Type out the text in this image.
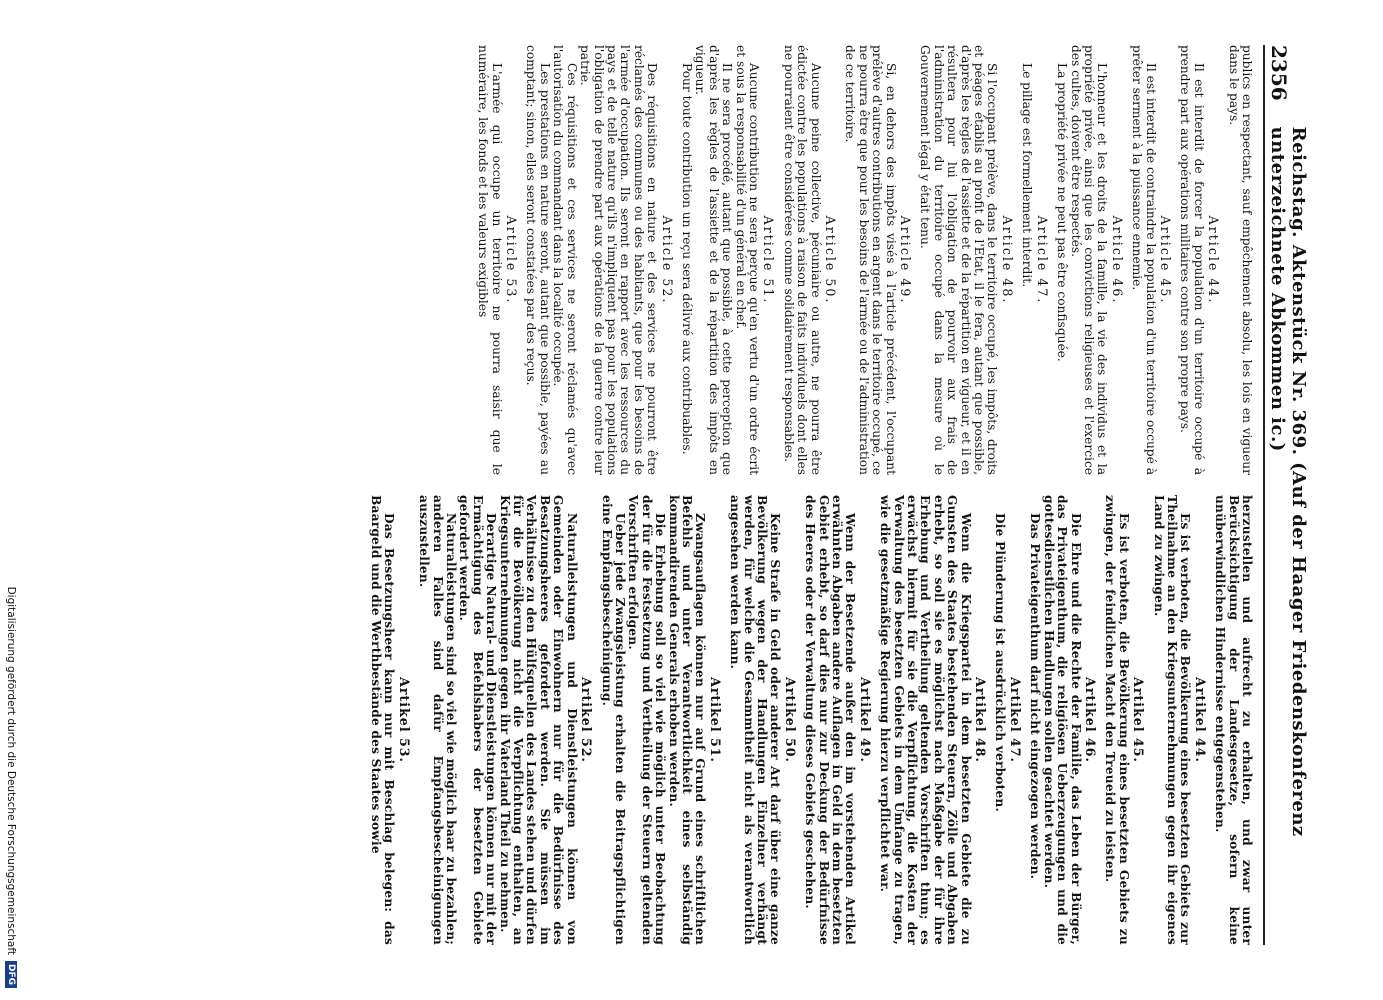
2356
Reichstag. Aktenstück Nr. 369. (Auf der Haager Friedenskonferenz unterzeichnete Abkommen ic.)

publics en respectant, sauf empêchement absolu, les lois en vigueur dans le pays.

Article 44.

Il est interdit de forcer la population d'un territoire occupé à prendre part aux opérations militaires contre son propre pays.

Article 45.

Il est interdit de contraindre la population d'un territoire occupé à prêter serment à la puissance ennemie.

Article 46.

L'honneur et les droits de la famille, la vie des individus et la propriété privée, ainsi que les convictions religieuses et l'exercice des cultes, doivent être respectés.

La propriété privée ne peut pas être confisquée.

Article 47.

Le pillage est formellement interdit.

Article 48.

Si l'occupant prélève, dans le territoire occupé, les impôts, droits et péages établis au profit de l'Etat, il le fera, autant que possible, d'après les règles de l'assiette et de la répartition en vigueur, et il en résultera pour lui l'obligation de pourvoir aux frais de l'administration du territoire occupé dans la mesure où le Gouvernement légal y était tenu.

Article 49.

Si, en dehors des impôts visés à l'article précédent, l'occupant prélève d'autres contributions en argent dans le territoire occupé, ce ne pourra être que pour les besoins de l'armée ou de l'administration de ce territoire.

Article 50.

Aucune peine collective, pécuniaire ou autre, ne pourra être édictée contre les populations à raison de faits individuels dont elles ne pourraient être considérées comme solidairement responsables.

Article 51.

Aucune contribution ne sera perçue qu'en vertu d'un ordre écrit et sous la responsabilité d'un général en chef.

Il ne sera procédé, autant que possible, à cette perception que d'après les règles de l'assiette et de la répartition des impôts en vigueur.

Pour toute contribution un reçu sera délivré aux contribuables.

Article 52.

Des réquisitions en nature et des services ne pourront être réclamés des communes ou des habitants, que pour les besoins de l'armée d'occupation. Ils seront en rapport avec les ressources du pays et de telle nature qu'ils n'impliquent pas pour les populations l'obligation de prendre part aux opérations de la guerre contre leur patrie.

Ces réquisitions et ces services ne seront réclamés qu'avec l'autorisation du commandant dans la localité occupée.

Les prestations en nature seront, autant que possible, payées au comptant; sinon, elles seront constatées par des reçus.

Article 53.

L'armée qui occupe un territoire ne pourra saisir que le numéraire, les fonds et les valeurs exigibles

herzustellen und aufrecht zu erhalten, und zwar unter Berücksichtigung der Landesgesetze, sofern keine unüberwindlichen Hindernisse entgegenstehen.

Artikel 44.

Es ist verboten, die Bevölkerung eines besetzten Gebiets zur Theilnahme an den Kriegsunternehmungen gegen ihr eigenes Land zu zwingen.

Artikel 45.

Es ist verboten, die Bevölkerung eines besetzten Gebiets zu zwingen, der feindlichen Macht den Treueid zu leisten.

Artikel 46.

Die Ehre und die Rechte der Familie, das Leben der Bürger, das Privateigenthum, die religiösen Ueberzeugungen und die gottesdienstlichen Handlungen sollen geachtet werden.

Das Privateigenthum darf nicht eingezogen werden.

Artikel 47.

Die Plünderung ist ausdrücklich verboten.

Artikel 48.

Wenn die Kriegspartei in dem besetzten Gebiete die zu Gunsten des Staates bestehenden Steuern, Zölle und Abgaben erhebt, so soll sie es möglichst nach Maßgabe der für ihre Erhebung und Vertheilung geltenden Vorschriften thun; es erwächst hiermit für sie die Verpflichtung, die Kosten der Verwaltung des besetzten Gebiets in dem Umfange zu tragen, wie die gesetzmäßige Regierung hierzu verpflichtet war.

Artikel 49.

Wenn der Besetzende außer den im vorstehenden Artikel erwähnten Abgaben andere Auflagen in Geld in dem besetzten Gebiet erhebt, so darf dies nur zur Deckung der Bedürfnisse des Heeres oder der Verwaltung dieses Gebiets geschehen.

Artikel 50.

Keine Strafe in Geld oder anderer Art darf über eine ganze Bevölkerung wegen der Handlungen Einzelner verhängt werden, für welche die Gesammtheit nicht als verantwortlich angesehen werden kann.

Artikel 51.

Zwangsauflagen können nur auf Grund eines schriftlichen Befehls und unter Verantwortlichkeit eines selbständig kommandirenden Generals erhoben werden.

Die Erhebung soll so viel wie möglich unter Beobachtung der für die Festsetzung und Vertheilung der Steuern geltenden Vorschriften erfolgen.

Ueber jede Zwangsleistung erhalten die Beitragspflichtigen eine Empfangsbescheinigung.

Artikel 52.

Naturalleistungen und Dienstleistungen können von Gemeinden oder Einwohnern nur für die Bedürfnisse des Besatzungsheeres gefordert werden. Sie müssen im Verhältnisse zu den Hülfsquellen des Landes stehen und dürfen für die Bevölkerung nicht die Verpflichtung enthalten, an Kriegsunternehmungen gegen ihr Vaterland Theil zu nehmen.

Derartige Natural- und Dienstleistungen können nur mit der Ermächtigung des Befehlshabers der besetzten Gebiete gefordert werden.

Naturalleistungen sind so viel wie möglich baar zu bezahlen; anderen Falles sind dafür Empfangsbescheinigungen auszustellen.

Artikel 53.

Das Besetzungsheer kann nur mit Beschlag belegen: das Baargeld und die Werthbestände des Staates sowie

Digitalisierung gefördert durch die Deutsche Forschungsgemeinschaft
DFG
